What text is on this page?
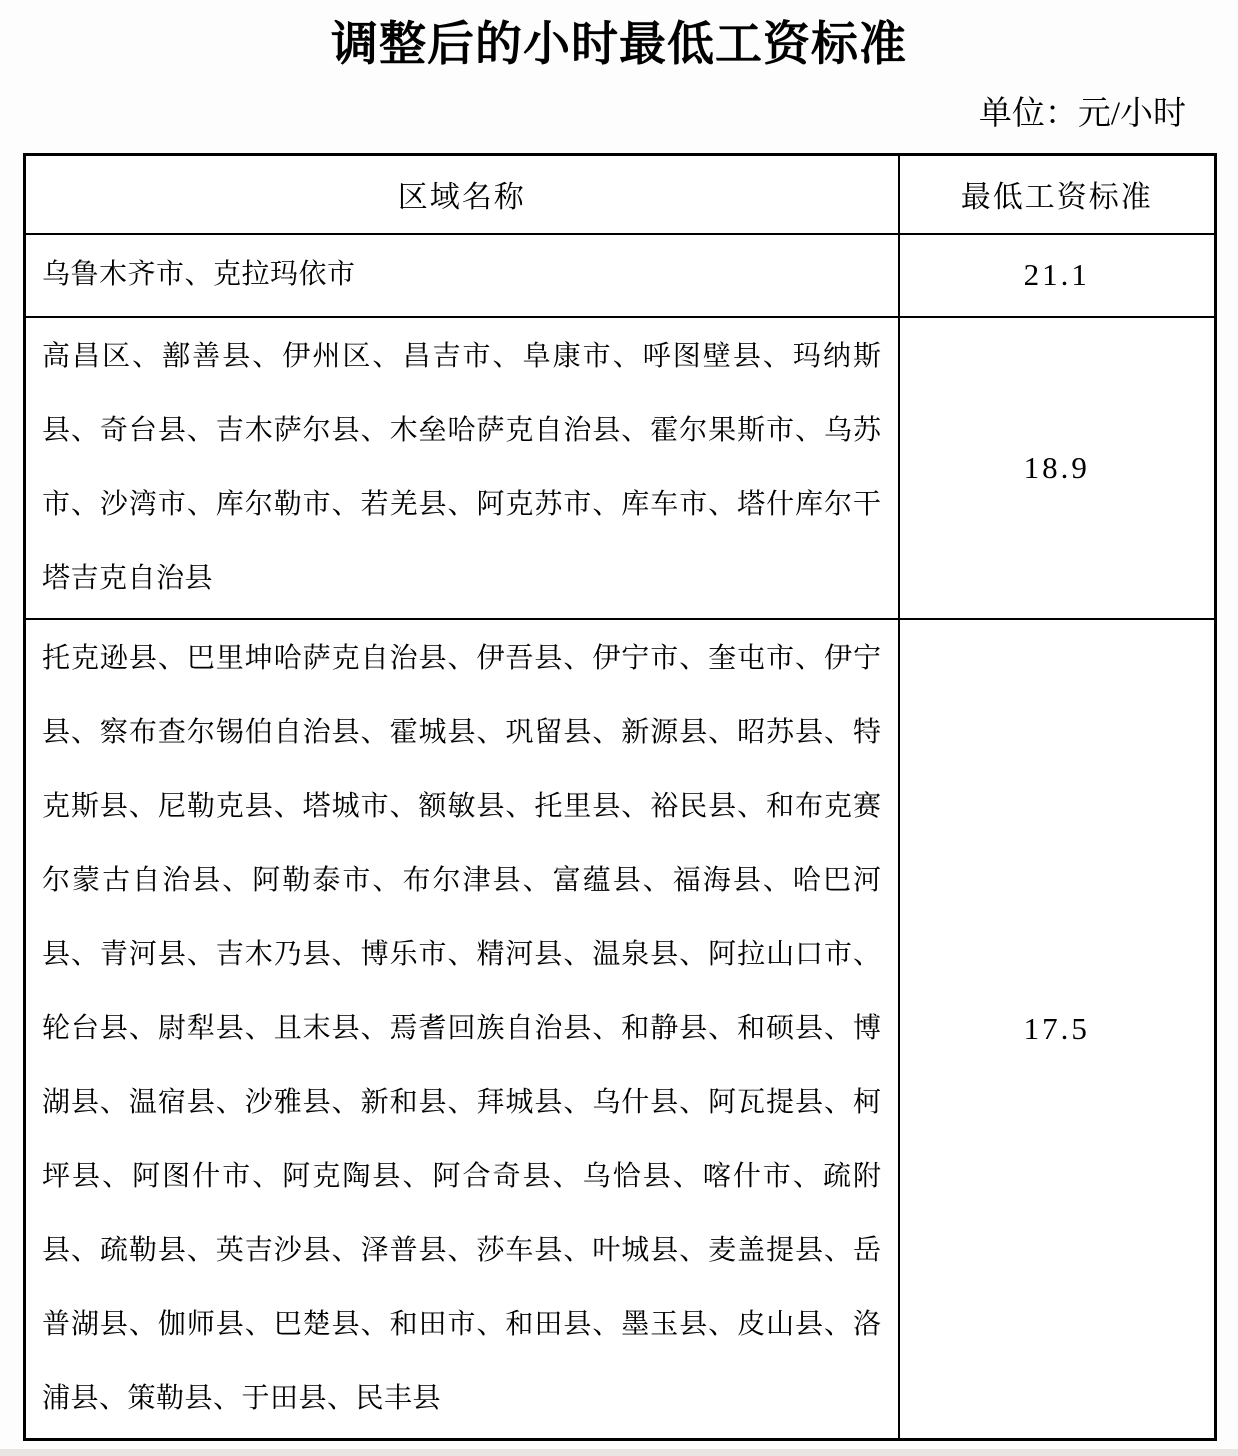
调整后的小时最低工资标准
单位：元/小时
区域名称	最低工资标准
乌鲁木齐市、克拉玛依市	21.1
高昌区、鄯善县、伊州区、昌吉市、阜康市、呼图壁县、玛纳斯县、奇台县、吉木萨尔县、木垒哈萨克自治县、霍尔果斯市、乌苏市、沙湾市、库尔勒市、若羌县、阿克苏市、库车市、塔什库尔干塔吉克自治县	18.9
托克逊县、巴里坤哈萨克自治县、伊吾县、伊宁市、奎屯市、伊宁县、察布查尔锡伯自治县、霍城县、巩留县、新源县、昭苏县、特克斯县、尼勒克县、塔城市、额敏县、托里县、裕民县、和布克赛尔蒙古自治县、阿勒泰市、布尔津县、富蕴县、福海县、哈巴河县、青河县、吉木乃县、博乐市、精河县、温泉县、阿拉山口市、轮台县、尉犁县、且末县、焉耆回族自治县、和静县、和硕县、博湖县、温宿县、沙雅县、新和县、拜城县、乌什县、阿瓦提县、柯坪县、阿图什市、阿克陶县、阿合奇县、乌恰县、喀什市、疏附县、疏勒县、英吉沙县、泽普县、莎车县、叶城县、麦盖提县、岳普湖县、伽师县、巴楚县、和田市、和田县、墨玉县、皮山县、洛浦县、策勒县、于田县、民丰县	17.5
